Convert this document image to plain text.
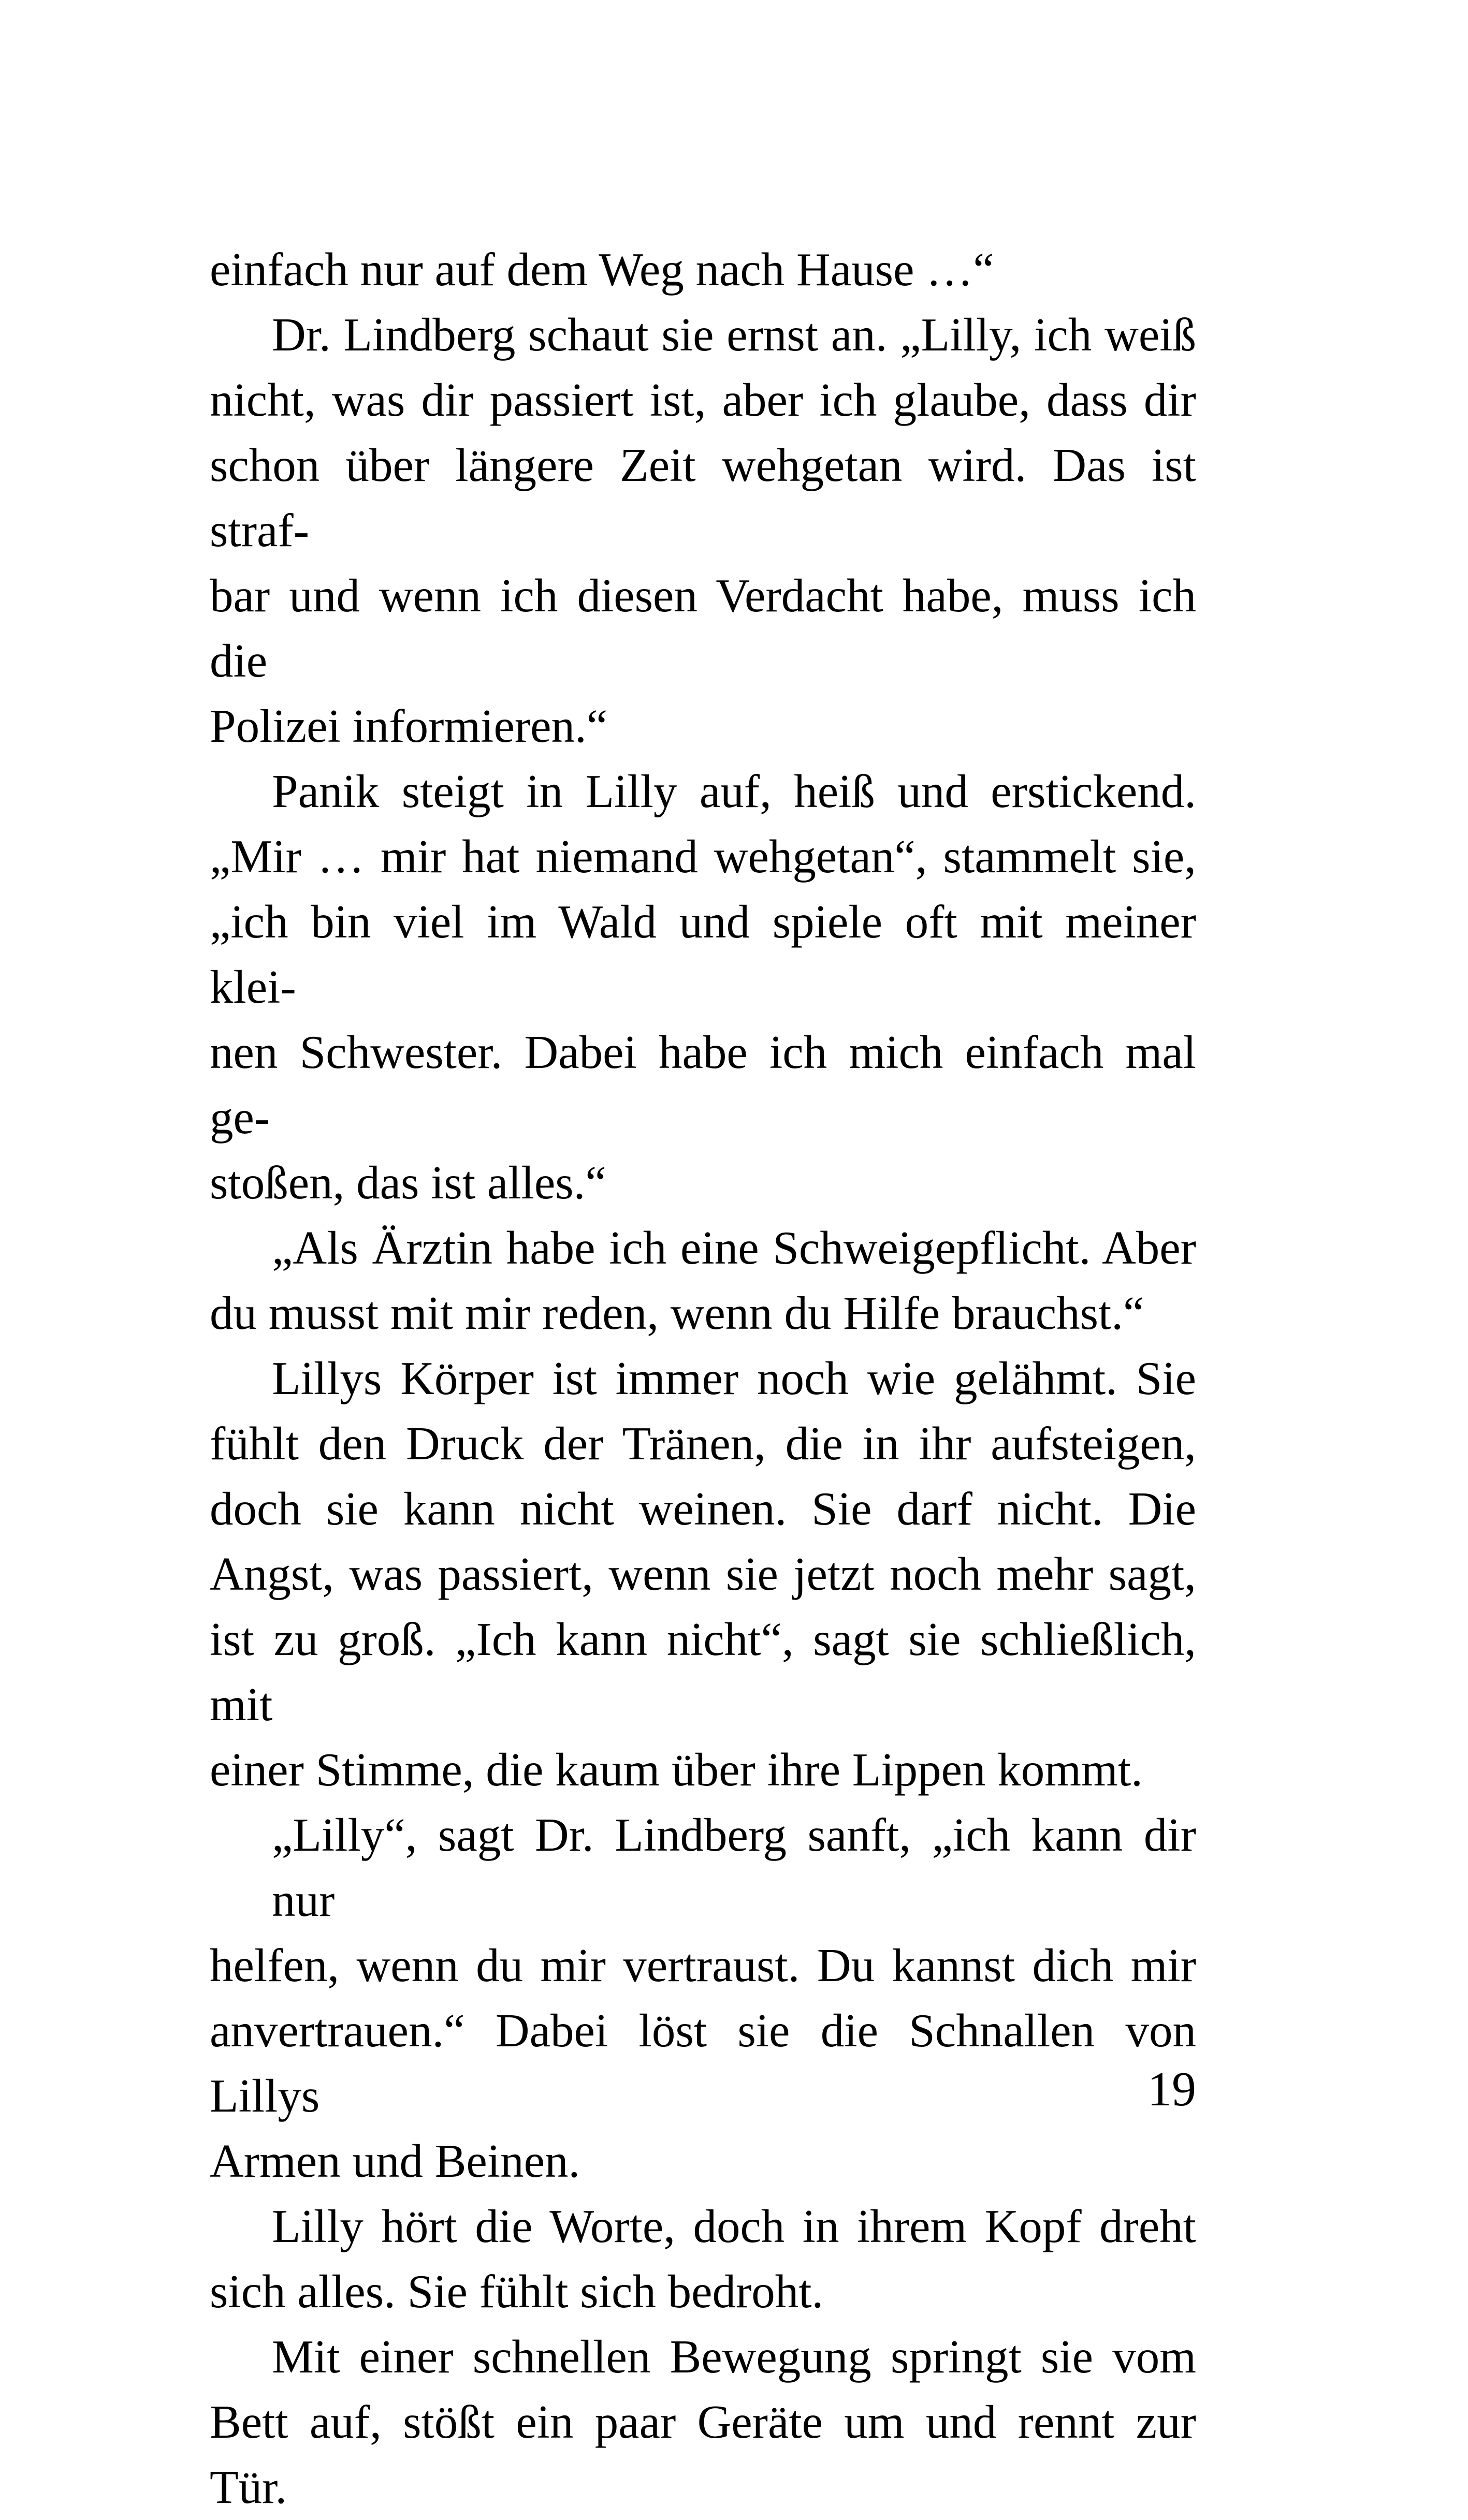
einfach nur auf dem Weg nach Hause …“
Dr. Lindberg schaut sie ernst an. „Lilly, ich weiß
nicht, was dir passiert ist, aber ich glaube, dass dir
schon über längere Zeit wehgetan wird. Das ist straf-
bar und wenn ich diesen Verdacht habe, muss ich die
Polizei informieren.“
Panik steigt in Lilly auf, heiß und erstickend.
„Mir … mir hat niemand wehgetan“, stammelt sie,
„ich bin viel im Wald und spiele oft mit meiner klei-
nen Schwester. Dabei habe ich mich einfach mal ge-
stoßen, das ist alles.“
„Als Ärztin habe ich eine Schweigepflicht. Aber
du musst mit mir reden, wenn du Hilfe brauchst.“
Lillys Körper ist immer noch wie gelähmt. Sie
fühlt den Druck der Tränen, die in ihr aufsteigen,
doch sie kann nicht weinen. Sie darf nicht. Die
Angst, was passiert, wenn sie jetzt noch mehr sagt,
ist zu groß. „Ich kann nicht“, sagt sie schließlich, mit
einer Stimme, die kaum über ihre Lippen kommt.
„Lilly“, sagt Dr. Lindberg sanft, „ich kann dir nur
helfen, wenn du mir vertraust. Du kannst dich mir
anvertrauen.“ Dabei löst sie die Schnallen von Lillys
Armen und Beinen.
Lilly hört die Worte, doch in ihrem Kopf dreht
sich alles. Sie fühlt sich bedroht.
Mit einer schnellen Bewegung springt sie vom
Bett auf, stößt ein paar Geräte um und rennt zur Tür.
19
